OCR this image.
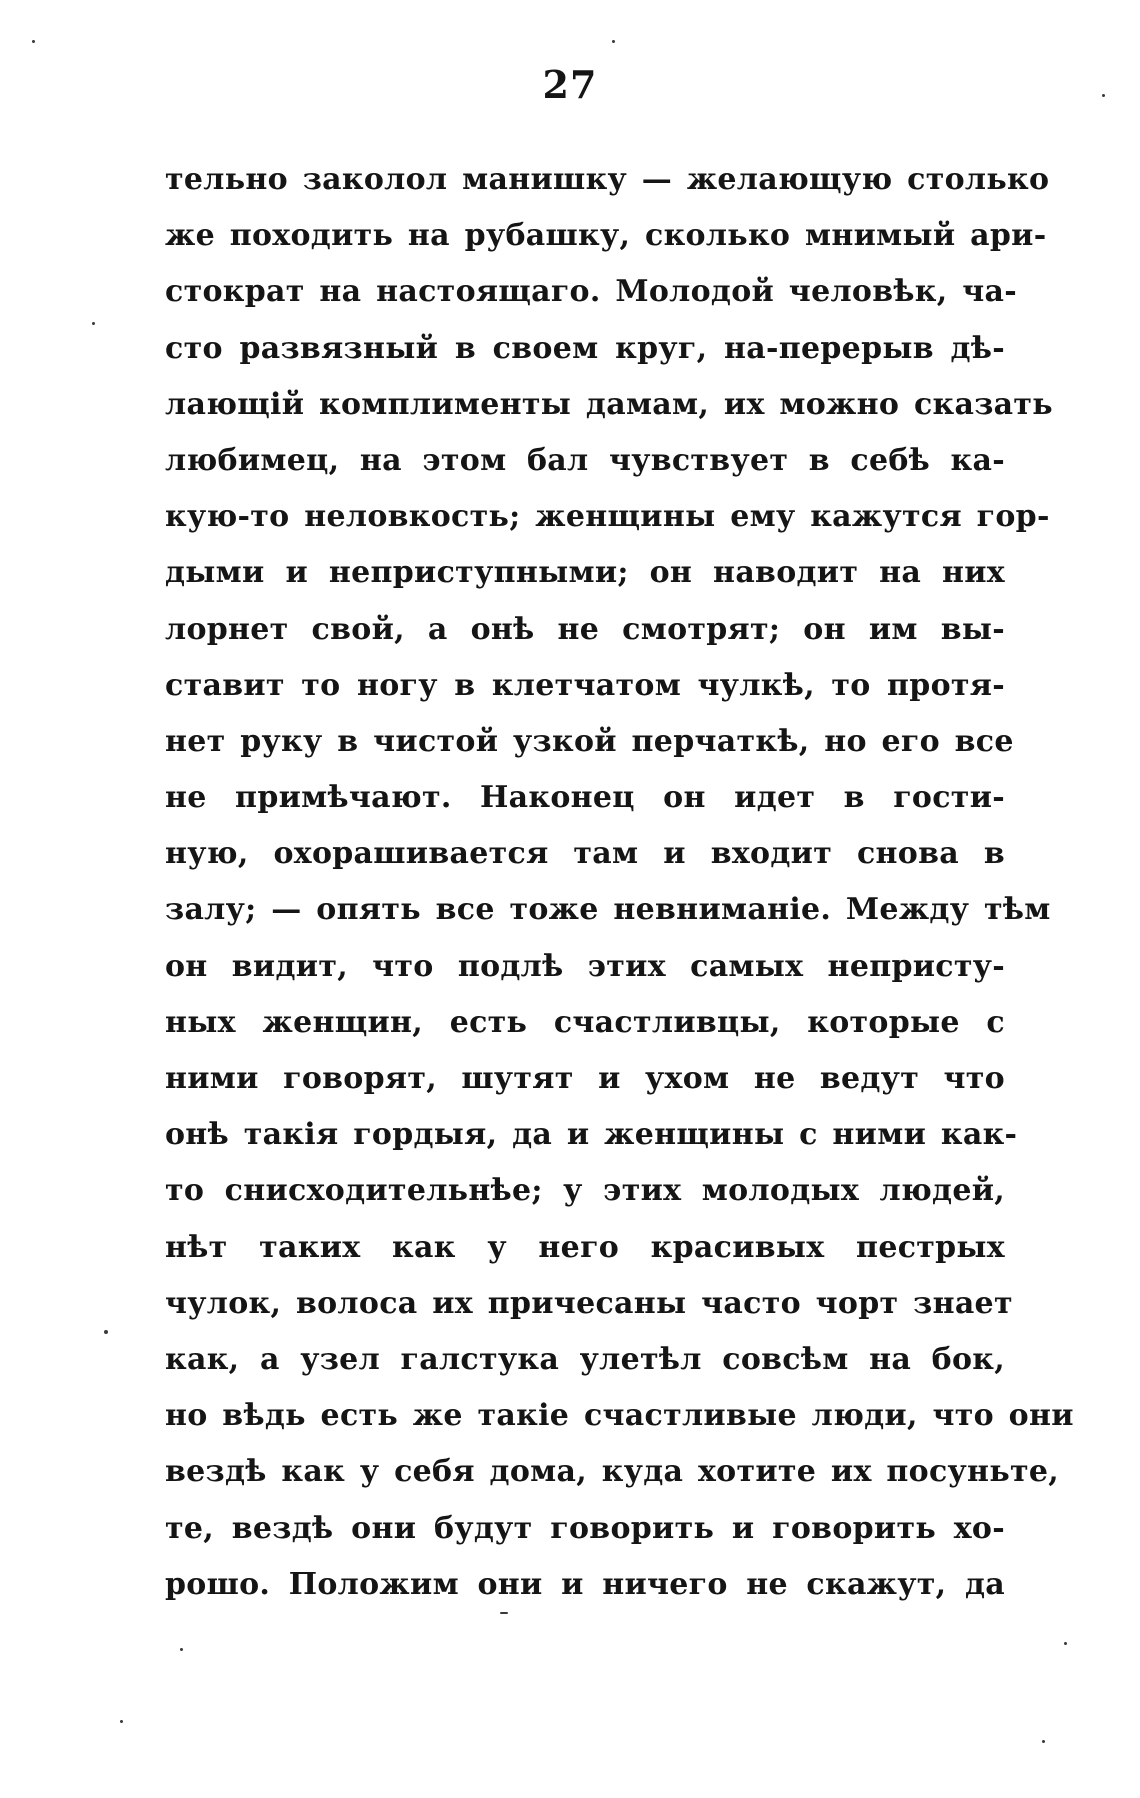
27
тельно заколол манишку — желающую столько
же походить на рубашку, сколько мнимый ари-
стократ на настоящаго. Молодой человѣк, ча-
сто развязный в своем круг, на-перерыв дѣ-
лающій комплименты дамам, их можно сказать
любимец, на этом бал чувствует в себѣ ка-
кую-то неловкость; женщины ему кажутся гор-
дыми и неприступными; он наводит на них
лорнет свой, а онѣ не смотрят; он им вы-
ставит то ногу в клетчатом чулкѣ, то протя-
нет руку в чистой узкой перчаткѣ, но его все
не примѣчают. Наконец он идет в гости-
ную, охорашивается там и входит снова в
залу; — опять все тоже невниманіе. Между тѣм
он видит, что подлѣ этих самых непристу-
ных женщин, есть счастливцы, которые с
ними говорят, шутят и ухом не ведут что
онѣ такія гордыя, да и женщины с ними как-
то снисходительнѣе; у этих молодых людей,
нѣт таких как у него красивых пестрых
чулок, волоса их причесаны часто чорт знает
как, а узел галстука улетѣл совсѣм на бок,
но вѣдь есть же такіе счастливые люди, что они
вездѣ как у себя дома, куда хотите их посуньте,
те, вездѣ они будут говорить и говорить хо-
рошо. Положим они и ничего не скажут, да
